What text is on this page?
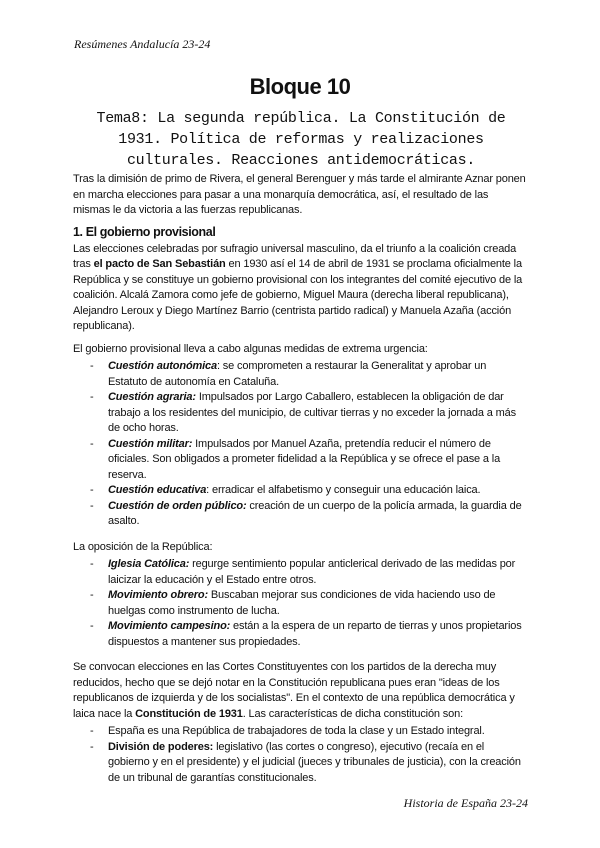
Resúmenes Andalucía 23-24
Bloque 10
Tema8: La segunda república. La Constitución de 1931. Política de reformas y realizaciones culturales. Reacciones antidemocráticas.

Tras la dimisión de primo de Rivera, el general Berenguer y más tarde el almirante Aznar ponen en marcha elecciones para pasar a una monarquía democrática, así, el resultado de las mismas le da victoria a las fuerzas republicanas.

1. El gobierno provisional

Las elecciones celebradas por sufragio universal masculino, da el triunfo a la coalición creada tras el pacto de San Sebastián en 1930 así el 14 de abril de 1931 se proclama oficialmente la República y se constituye un gobierno provisional con los integrantes del comité ejecutivo de la coalición. Alcalá Zamora como jefe de gobierno, Miguel Maura (derecha liberal republicana), Alejandro Leroux y Diego Martínez Barrio (centrista partido radical) y Manuela Azaña (acción republicana).

El gobierno provisional lleva a cabo algunas medidas de extrema urgencia:

- Cuestión autonómica: se comprometen a restaurar la Generalitat y aprobar un Estatuto de autonomía en Cataluña.
- Cuestión agraria: Impulsados por Largo Caballero, establecen la obligación de dar trabajo a los residentes del municipio, de cultivar tierras y no exceder la jornada a más de ocho horas.
- Cuestión militar: Impulsados por Manuel Azaña, pretendía reducir el número de oficiales. Son obligados a prometer fidelidad a la República y se ofrece el pase a la reserva.
- Cuestión educativa: erradicar el alfabetismo y conseguir una educación laica.
- Cuestión de orden público: creación de un cuerpo de la policía armada, la guardia de asalto.

La oposición de la República:

- Iglesia Católica: regurge sentimiento popular anticlerical derivado de las medidas por laicizar la educación y el Estado entre otros.
- Movimiento obrero: Buscaban mejorar sus condiciones de vida haciendo uso de huelgas como instrumento de lucha.
- Movimiento campesino: están a la espera de un reparto de tierras y unos propietarios dispuestos a mantener sus propiedades.

Se convocan elecciones en las Cortes Constituyentes con los partidos de la derecha muy reducidos, hecho que se dejó notar en la Constitución republicana pues eran "ideas de los republicanos de izquierda y de los socialistas". En el contexto de una república democrática y laica nace la Constitución de 1931. Las características de dicha constitución son:

- España es una República de trabajadores de toda la clase y un Estado integral.
- División de poderes: legislativo (las cortes o congreso), ejecutivo (recaía en el gobierno y en el presidente) y el judicial (jueces y tribunales de justicia), con la creación de un tribunal de garantías constitucionales.
Historia de España 23-24
